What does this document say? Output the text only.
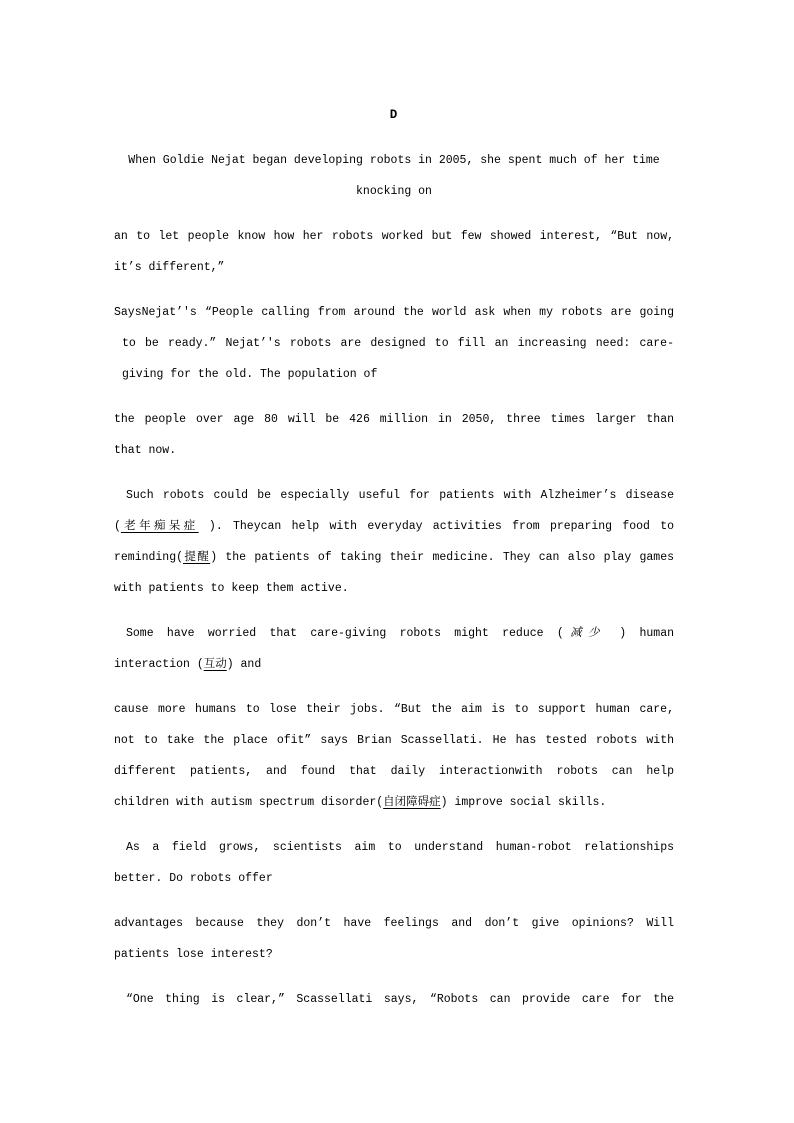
D
When Goldie Nejat began developing robots in 2005, she spent much of her time
knocking on
an to let people know how her robots worked but few showed interest, “But now,
it’s different,”
SaysNejat’'s “People calling from around the world ask when my robots are going
to be ready.” Nejat’'s robots are designed to fill an increasing need: care-
giving for the old. The population of
the people over age 80 will be 426 million in 2050, three times larger than
that now.
Such robots could be especially useful for patients with Alzheimer’s disease
(老年痴呆症 ). Theycan help with everyday activities from preparing food to
reminding(提醒) the patients of taking their medicine. They can also play games
with patients to keep them active.
Some have worried that care-giving robots might reduce (减少 ) human
interaction (互动) and
cause more humans to lose their jobs. “But the aim is to support human care,
not to take the place ofit” says Brian Scassellati. He has tested robots with
different patients, and found that daily interactionwith robots can help
children with autism spectrum disorder(自闭障碍症) improve social skills.
As a field grows, scientists aim to understand human-robot relationships
better. Do robots offer
advantages because they don’t have feelings and don’t give opinions? Will
patients lose interest?
“One thing is clear,” Scassellati says, “Robots can provide care for the
